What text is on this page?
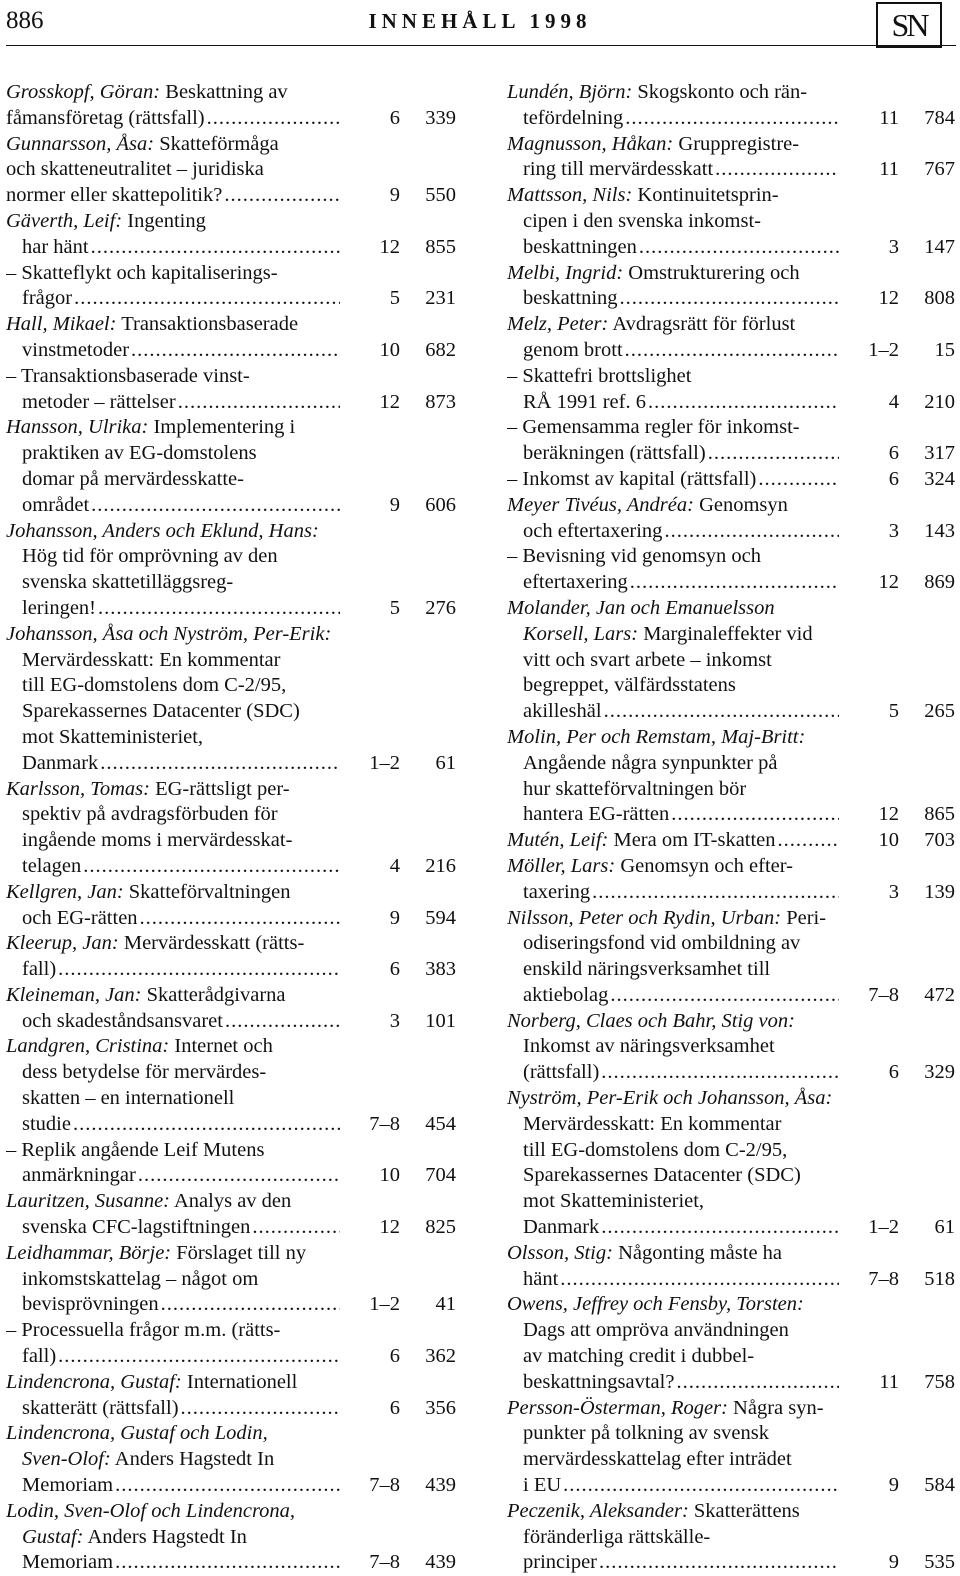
886	INNEHÅLL 1998	SN
Grosskopf, Göran: Beskattning av
fåmansföretag (rättsfall) .....	6	339
Gunnarsson, Åsa: Skatteförmåga
och skatteneutralitet – juridiska
normer eller skattepolitik? .....	9	550
Gäverth, Leif: Ingenting
har hänt .....	12	855
– Skatteflykt och kapitaliserings-
frågor .....	5	231
Hall, Mikael: Transaktionsbaserade
vinstmetoder .....	10	682
– Transaktionsbaserade vinst-
metoder – rättelser .....	12	873
Hansson, Ulrika: Implementering i
praktiken av EG-domstolens
domar på mervärdesskatte-
området .....	9	606
Johansson, Anders och Eklund, Hans:
Hög tid för omprövning av den
svenska skattetilläggsreg-
leringen! .....	5	276
Johansson, Åsa och Nyström, Per-Erik:
Mervärdesskatt: En kommentar
till EG-domstolens dom C-2/95,
Sparekassernes Datacenter (SDC)
mot Skatteministeriet,
Danmark .....	1–2	61
Karlsson, Tomas: EG-rättsligt per-
spektiv på avdragsförbuden för
ingående moms i mervärdesskat-
telagen .....	4	216
Kellgren, Jan: Skatteförvaltningen
och EG-rätten .....	9	594
Kleerup, Jan: Mervärdesskatt (rätts-
fall) .....	6	383
Kleineman, Jan: Skatterådgivarna
och skadeståndsansvaret .....	3	101
Landgren, Cristina: Internet och
dess betydelse för mervärdes-
skatten – en internationell
studie .....	7–8	454
– Replik angående Leif Mutens
anmärkningar .....	10	704
Lauritzen, Susanne: Analys av den
svenska CFC-lagstiftningen .....	12	825
Leidhammar, Börje: Förslaget till ny
inkomstskattelag – något om
bevisprövningen .....	1–2	41
– Processuella frågor m.m. (rätts-
fall) .....	6	362
Lindencrona, Gustaf: Internationell
skatterätt (rättsfall) .....	6	356
Lindencrona, Gustaf och Lodin,
Sven-Olof: Anders Hagstedt In
Memoriam .....	7–8	439
Lodin, Sven-Olof och Lindencrona,
Gustaf: Anders Hagstedt In
Memoriam .....	7–8	439
Lundén, Björn: Skogskonto och rän-
tefördelning .....	11	784
Magnusson, Håkan: Gruppregistre-
ring till mervärdesskatt .....	11	767
Mattsson, Nils: Kontinuitetsprin-
cipen i den svenska inkomst-
beskattningen .....	3	147
Melbi, Ingrid: Omstrukturering och
beskattning .....	12	808
Melz, Peter: Avdragsrätt för förlust
genom brott .....	1–2	15
– Skattefri brottslighet
RÅ 1991 ref. 6 .....	4	210
– Gemensamma regler för inkomst-
beräkningen (rättsfall) .....	6	317
– Inkomst av kapital (rättsfall) .....	6	324
Meyer Tivéus, Andréa: Genomsyn
och eftertaxering .....	3	143
– Bevisning vid genomsyn och
eftertaxering .....	12	869
Molander, Jan och Emanuelsson
Korsell, Lars: Marginaleffekter vid
vitt och svart arbete – inkomst
begreppet, välfärdsstatens
akilleshäl .....	5	265
Molin, Per och Remstam, Maj-Britt:
Angående några synpunkter på
hur skatteförvaltningen bör
hantera EG-rätten .....	12	865
Mutén, Leif: Mera om IT-skatten .....	10	703
Möller, Lars: Genomsyn och efter-
taxering .....	3	139
Nilsson, Peter och Rydin, Urban: Peri-
odiseringsfond vid ombildning av
enskild näringsverksamhet till
aktiebolag .....	7–8	472
Norberg, Claes och Bahr, Stig von:
Inkomst av näringsverksamhet
(rättsfall) .....	6	329
Nyström, Per-Erik och Johansson, Åsa:
Mervärdesskatt: En kommentar
till EG-domstolens dom C-2/95,
Sparekassernes Datacenter (SDC)
mot Skatteministeriet,
Danmark .....	1–2	61
Olsson, Stig: Någonting måste ha
hänt .....	7–8	518
Owens, Jeffrey och Fensby, Torsten:
Dags att ompröva användningen
av matching credit i dubbel-
beskattningsavtal? .....	11	758
Persson-Österman, Roger: Några syn-
punkter på tolkning av svensk
mervärdesskattelag efter inträdet
i EU .....	9	584
Peczenik, Aleksander: Skatterättens
föränderliga rättskälle-
principer .....	9	535
